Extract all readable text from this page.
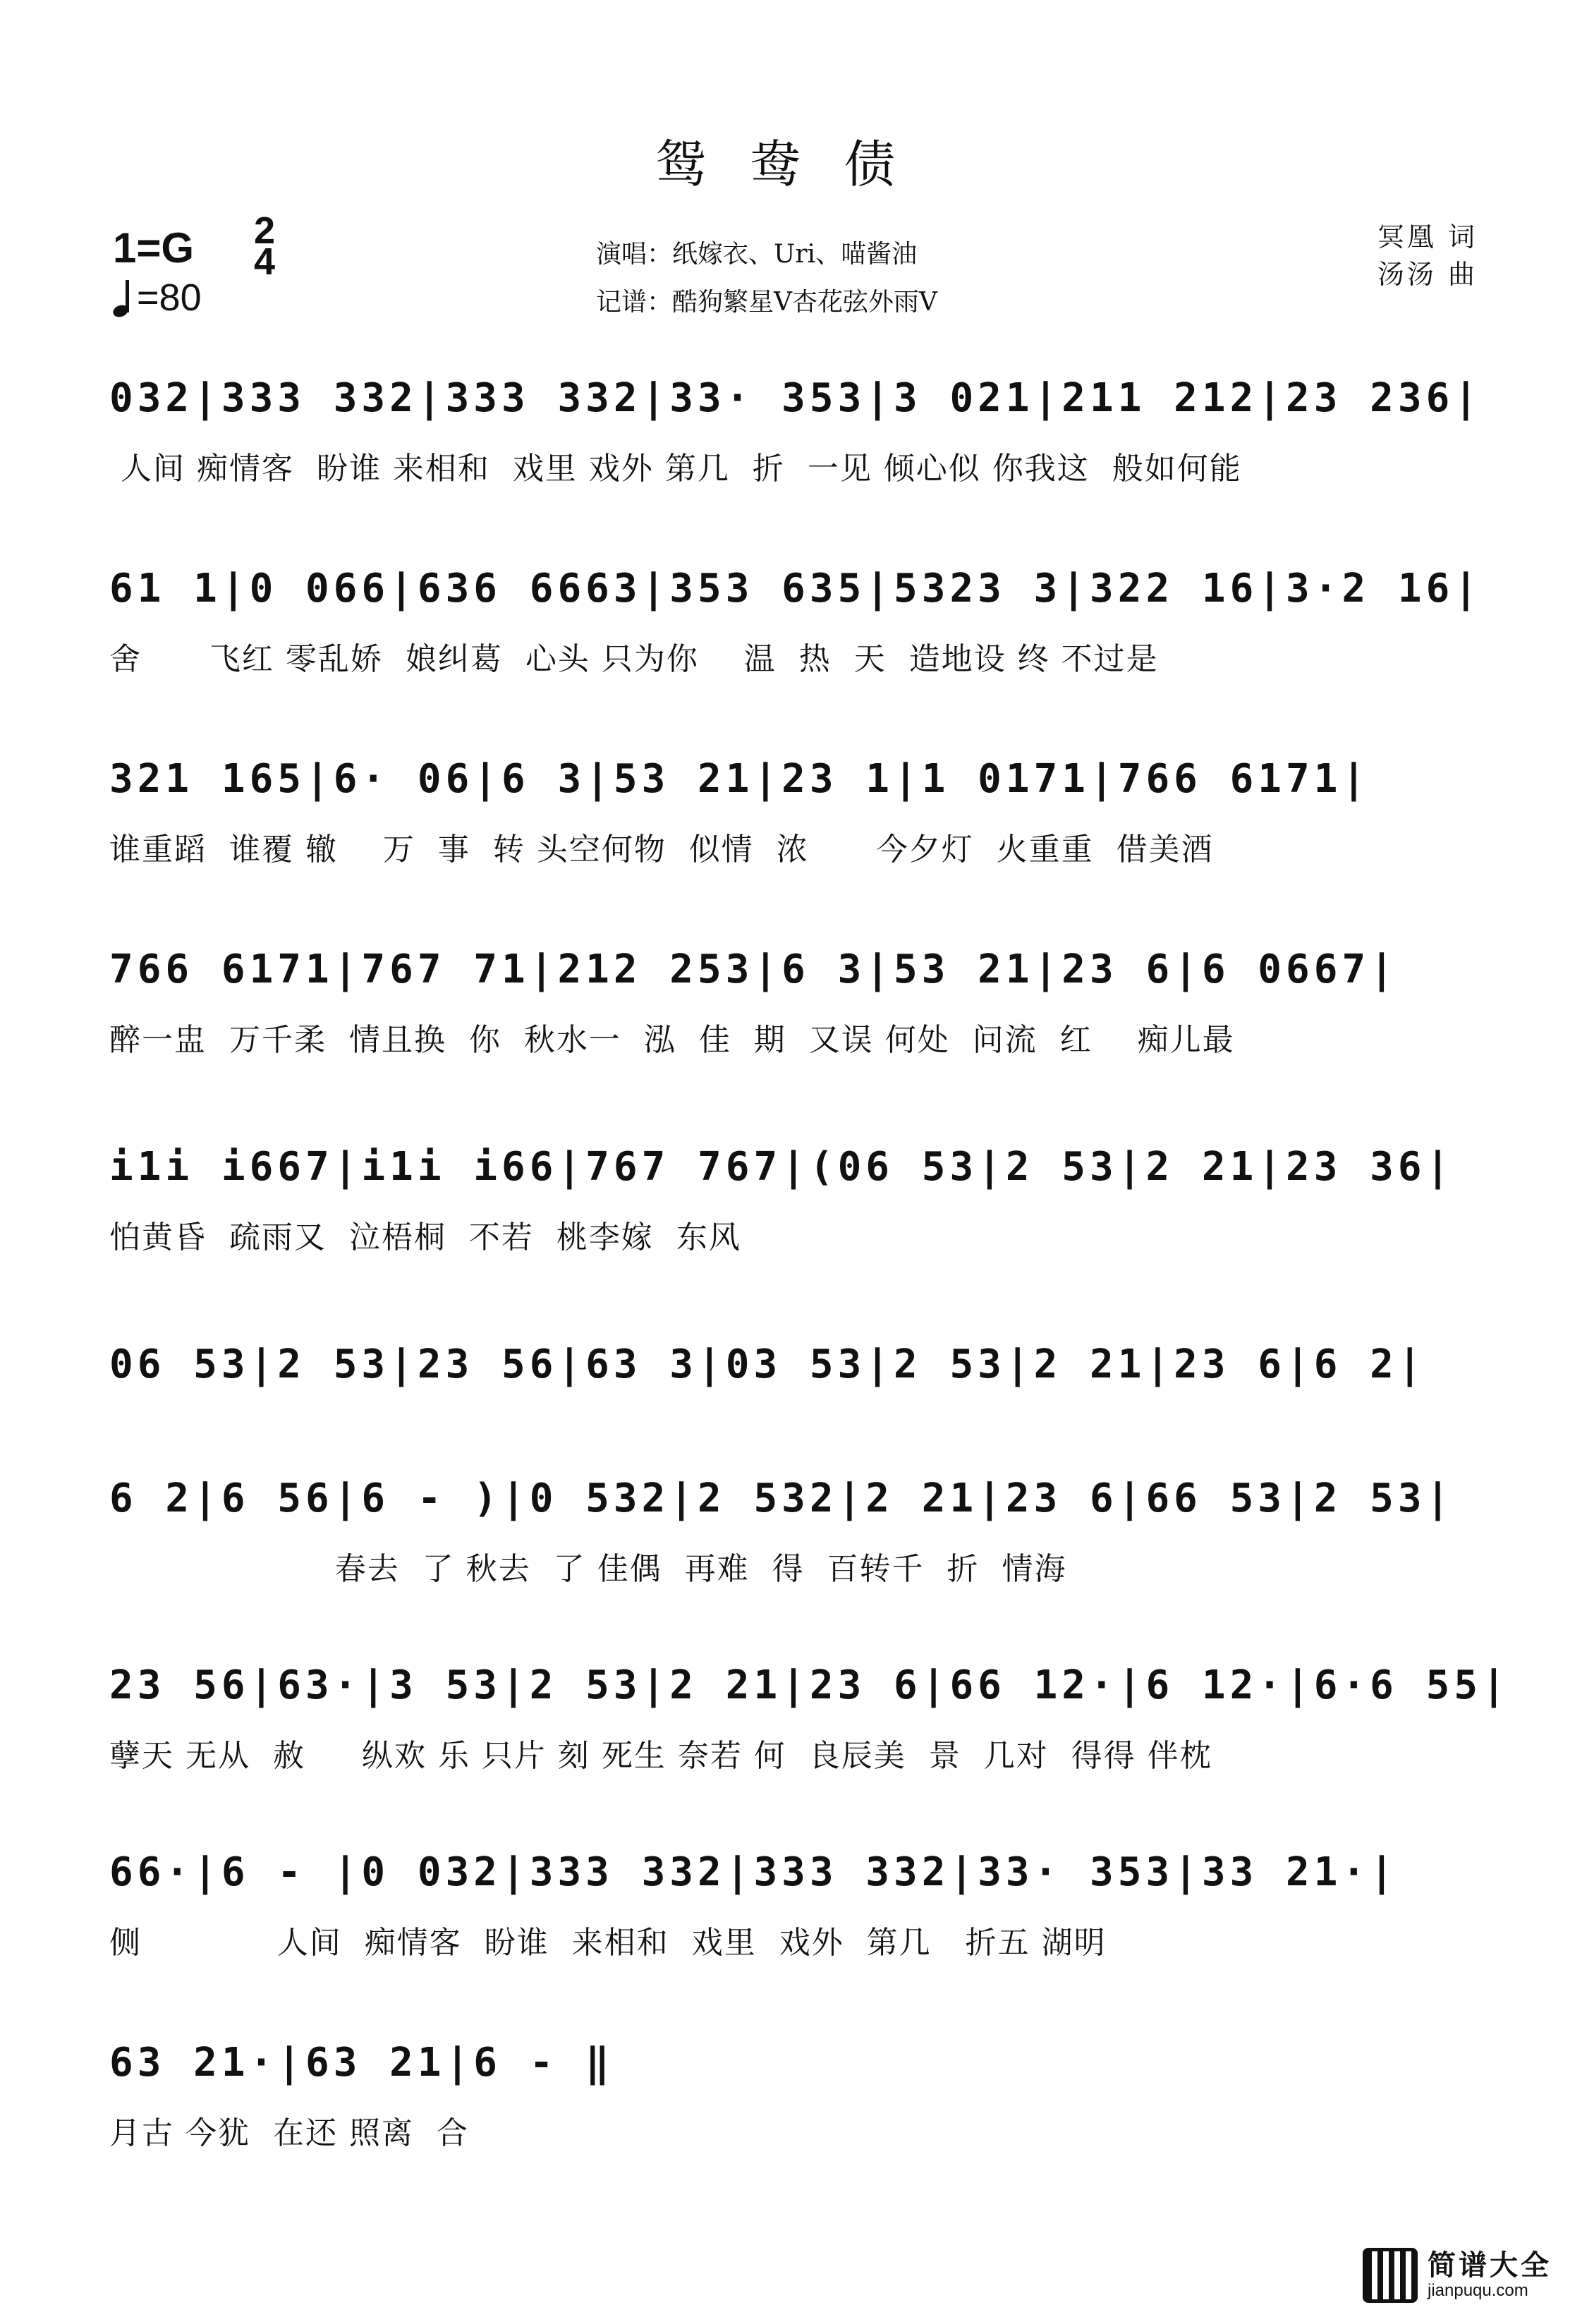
鸳鸯债
1=G 2
4
=80
演唱：纸嫁衣、Uri、喵酱油
记谱：酷狗繁星V杏花弦外雨V
冥凰 词
汤汤 曲
032|333 332|333 332|33· 353|3 021|211 212|23 236|
人间 痴情客  盼谁 来相和  戏里 戏外 第几  折  一见 倾心似 你我这  般如何能
61 1|0 066|636 6663|353 635|5323 3|322 16|3·2 16|
舍      飞红 零乱娇  娘纠葛  心头 只为你    温  热  天  造地设 终 不过是
321 165|6· 06|6 3|53 21|23 1|1 0171|766 6171|
谁重蹈  谁覆 辙    万  事  转 头空何物  似情  浓      今夕灯  火重重  借美酒
766 6171|767 71|212 253|6 3|53 21|23 6|6 0667|
醉一盅  万千柔  情且换  你  秋水一  泓  佳  期  又误 何处  问流  红    痴儿最
i1i i667|i1i i66|767 767|(06 53|2 53|2 21|23 36|
怕黄昏  疏雨又  泣梧桐  不若  桃李嫁  东风
06 53|2 53|23 56|63 3|03 53|2 53|2 21|23 6|6 2|
6 2|6 56|6 - )|0 532|2 532|2 21|23 6|66 53|2 53|
春去  了 秋去  了 佳偶  再难  得  百转千  折  情海
23 56|63·|3 53|2 53|2 21|23 6|66 12·|6 12·|6·6 55|
孽天 无从  赦     纵欢 乐 只片 刻 死生 奈若 何  良辰美  景  几对  得得 伴枕
66·|6 - |0 032|333 332|333 332|33· 353|33 21·|
侧            人间  痴情客  盼谁  来相和  戏里  戏外  第几   折五 湖明
63 21·|63 21|6 - ‖
月古 今犹  在还 照离  合
简谱大全
jianpuqu.com
